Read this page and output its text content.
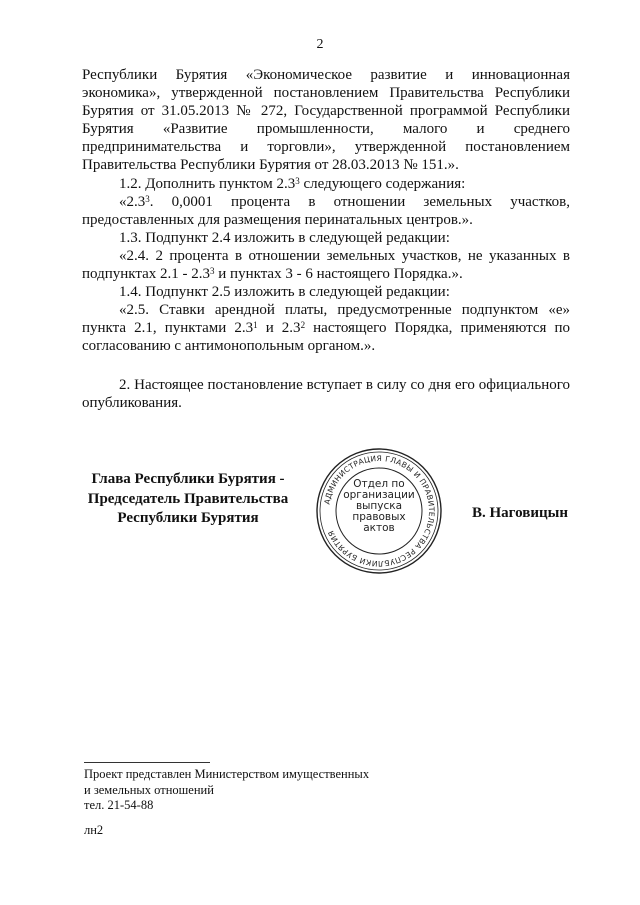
2

Республики Бурятия «Экономическое развитие и инновационная экономика», утвержденной постановлением Правительства Республики Бурятия от 31.05.2013 № 272, Государственной программой Республики Бурятия «Развитие промышленности, малого и среднего предпринимательства и торговли», утвержденной постановлением Правительства Республики Бурятия от 28.03.2013 № 151.».

1.2. Дополнить пунктом $2.3^3$ следующего содержания:

«$2.3^3$. 0,0001 процента в отношении земельных участков, предоставленных для размещения перинатальных центров.».

1.3. Подпункт 2.4 изложить в следующей редакции:

«2.4. 2 процента в отношении земельных участков, не указанных в подпунктах $2.1 - 2.3^3$ и пунктах 3 - 6 настоящего Порядка.».

1.4. Подпункт 2.5 изложить в следующей редакции:

«2.5. Ставки арендной платы, предусмотренные подпунктом «е» пункта 2.1, пунктами $2.3^1$ и $2.3^2$ настоящего Порядка, применяются по согласованию с антимонопольным органом.».

2. Настоящее постановление вступает в силу со дня его официального опубликования.

Глава Республики Бурятия -
Председатель Правительства
Республики Бурятия
АДМИНИСТРАЦИЯ ГЛАВЫ И ПРАВИТЕЛЬСТВА РЕСПУБЛИКИ БУРЯТИЯ
Отдел по
организации
выпуска
правовых
актов
В. Наговицын
Проект представлен Министерством имущественных
и земельных отношений
тел. 21-54-88
лн2
